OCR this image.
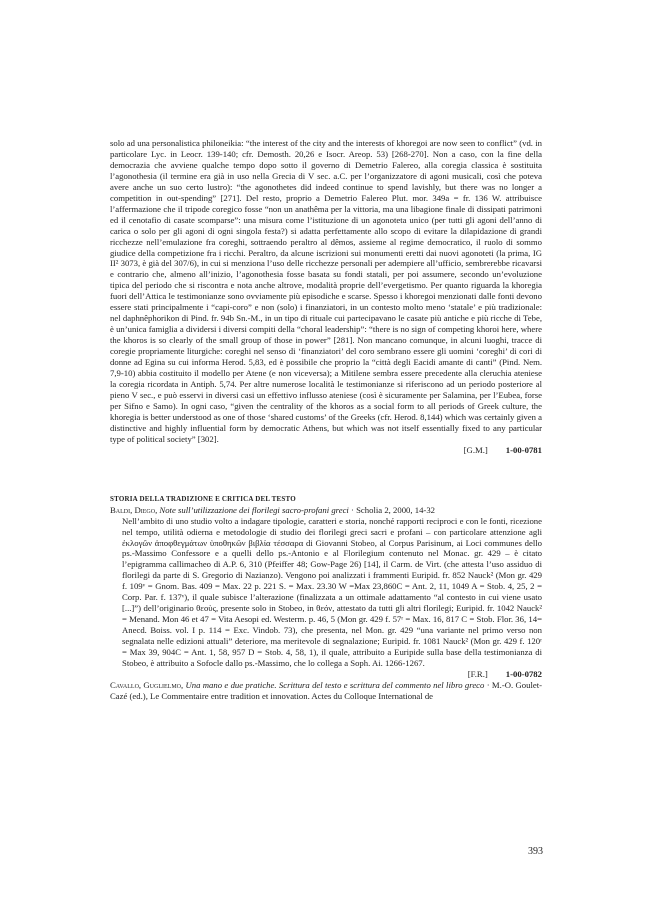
solo ad una personalistica philoneikia: “the interest of the city and the interests of khoregoi are now seen to conflict” (vd. in particolare Lyc. in Leocr. 139-140; cfr. Demosth. 20,26 e Isocr. Areop. 53) [268-270]. Non a caso, con la fine della democrazia che avviene qualche tempo dopo sotto il governo di Demetrio Falereo, alla coregia classica è sostituita l’agonothesia (il termine era già in uso nella Grecia di V sec. a.C. per l’organizzatore di agoni musicali, così che poteva avere anche un suo certo lustro): “the agonothetes did indeed continue to spend lavishly, but there was no longer a competition in out-spending” [271]. Del resto, proprio a Demetrio Falereo Plut. mor. 349a = fr. 136 W. attribuisce l’affermazione che il tripode coregico fosse “non un anathêma per la vittoria, ma una libagione finale di dissipati patrimoni ed il cenotafio di casate scomparse”: una misura come l’istituzione di un agonoteta unico (per tutti gli agoni dell’anno di carica o solo per gli agoni di ogni singola festa?) si adatta perfettamente allo scopo di evitare la dilapidazione di grandi ricchezze nell’emulazione fra coreghi, sottraendo peraltro al dêmos, assieme al regime democratico, il ruolo di sommo giudice della competizione fra i ricchi. Peraltro, da alcune iscrizioni sui monumenti eretti dai nuovi agonoteti (la prima, IG II² 3073, è già del 307/6), in cui si menziona l’uso delle ricchezze personali per adempiere all’ufficio, sembrerebbe ricavarsi e contrario che, almeno all’inizio, l’agonothesia fosse basata su fondi statali, per poi assumere, secondo un’evoluzione tipica del periodo che si riscontra e nota anche altrove, modalità proprie dell’evergetismo. Per quanto riguarda la khoregia fuori dell’Attica le testimonianze sono ovviamente più episodiche e scarse. Spesso i khoregoi menzionati dalle fonti devono essere stati principalmente i “capi-coro” e non (solo) i finanziatori, in un contesto molto meno ‘statale’ e più tradizionale: nel daphnêphorikon di Pind. fr. 94b Sn.-M., in un tipo di rituale cui partecipavano le casate più antiche e più ricche di Tebe, è un’unica famiglia a dividersi i diversi compiti della “choral leadership”: “there is no sign of competing khoroi here, where the khoros is so clearly of the small group of those in power” [281]. Non mancano comunque, in alcuni luoghi, tracce di coregie propriamente liturgiche: coreghi nel senso di ‘finanziatori’ del coro sembrano essere gli uomini ‘coreghi’ di cori di donne ad Egina su cui informa Herod. 5,83, ed è possibile che proprio la “città degli Eacidi amante di canti” (Pind. Nem. 7,9-10) abbia costituito il modello per Atene (e non viceversa); a Mitilene sembra essere precedente alla cleruchia ateniese la coregia ricordata in Antiph. 5,74. Per altre numerose località le testimonianze si riferiscono ad un periodo posteriore al pieno V sec., e può esservi in diversi casi un effettivo influsso ateniese (così è sicuramente per Salamina, per l’Eubea, forse per Sifno e Samo). In ogni caso, “given the centrality of the khoros as a social form to all periods of Greek culture, the khoregia is better understood as one of those ‘shared customs’ of the Greeks (cfr. Herod. 8,144) which was certainly given a distinctive and highly influential form by democratic Athens, but which was not itself essentially fixed to any particular type of political society” [302].
[G.M.] 1-00-0781

STORIA DELLA TRADIZIONE E CRITICA DEL TESTO

Baldi, Diego, Note sull’utilizzazione dei florilegi sacro-profani greci · Scholia 2, 2000, 14-32

Nell’ambito di uno studio volto a indagare tipologie, caratteri e storia, nonché rapporti reciproci e con le fonti, ricezione nel tempo, utilità odierna e metodologie di studio dei florilegi greci sacri e profani – con particolare attenzione agli ἐκλογῶν ἀποφθεγμάτων ὑποθηκῶν βιβλία τέσσαρα di Giovanni Stobeo, al Corpus Parisinum, ai Loci communes dello ps.-Massimo Confessore e a quelli dello ps.-Antonio e al Florilegium contenuto nel Monac. gr. 429 – è citato l’epigramma callimacheo di A.P. 6, 310 (Pfeiffer 48; Gow-Page 26) [14], il Carm. de Virt. (che attesta l’uso assiduo di florilegi da parte di S. Gregorio di Nazianzo). Vengono poi analizzati i frammenti Euripid. fr. 852 Nauck² (Mon gr. 429 f. 109ᵛ = Gnom. Bas. 409 = Max. 22 p. 221 S. = Max. 23.30 W =Max 23,860C = Ant. 2, 11, 1049 A = Stob. 4, 25, 2 = Corp. Par. f. 137ᵛ), il quale subisce l’alterazione (finalizzata a un ottimale adattamento “al contesto in cui viene usato [...]”) dell’originario θεοὺς, presente solo in Stobeo, in θεόν, attestato da tutti gli altri florilegi; Euripid. fr. 1042 Nauck² = Menand. Mon 46 et 47 = Vita Aesopi ed. Westerm. p. 46, 5 (Mon gr. 429 f. 57ʳ = Max. 16, 817 C = Stob. Flor. 36, 14= Anecd. Boiss. vol. I p. 114 = Exc. Vindob. 73), che presenta, nel Mon. gr. 429 “una variante nel primo verso non segnalata nelle edizioni attuali” deteriore, ma meritevole di segnalazione; Euripid. fr. 1081 Nauck² (Mon gr. 429 f. 120ʳ = Max 39, 904C = Ant. 1, 58, 957 D = Stob. 4, 58, 1), il quale, attribuito a Euripide sulla base della testimonianza di Stobeo, è attribuito a Sofocle dallo ps.-Massimo, che lo collega a Soph. Ai. 1266-1267.
[F.R.] 1-00-0782

Cavallo, Guglielmo, Una mano e due pratiche. Scrittura del testo e scrittura del commento nel libro greco · M.-O. Goulet-Cazé (ed.), Le Commentaire entre tradition et innovation. Actes du Colloque International de

393
